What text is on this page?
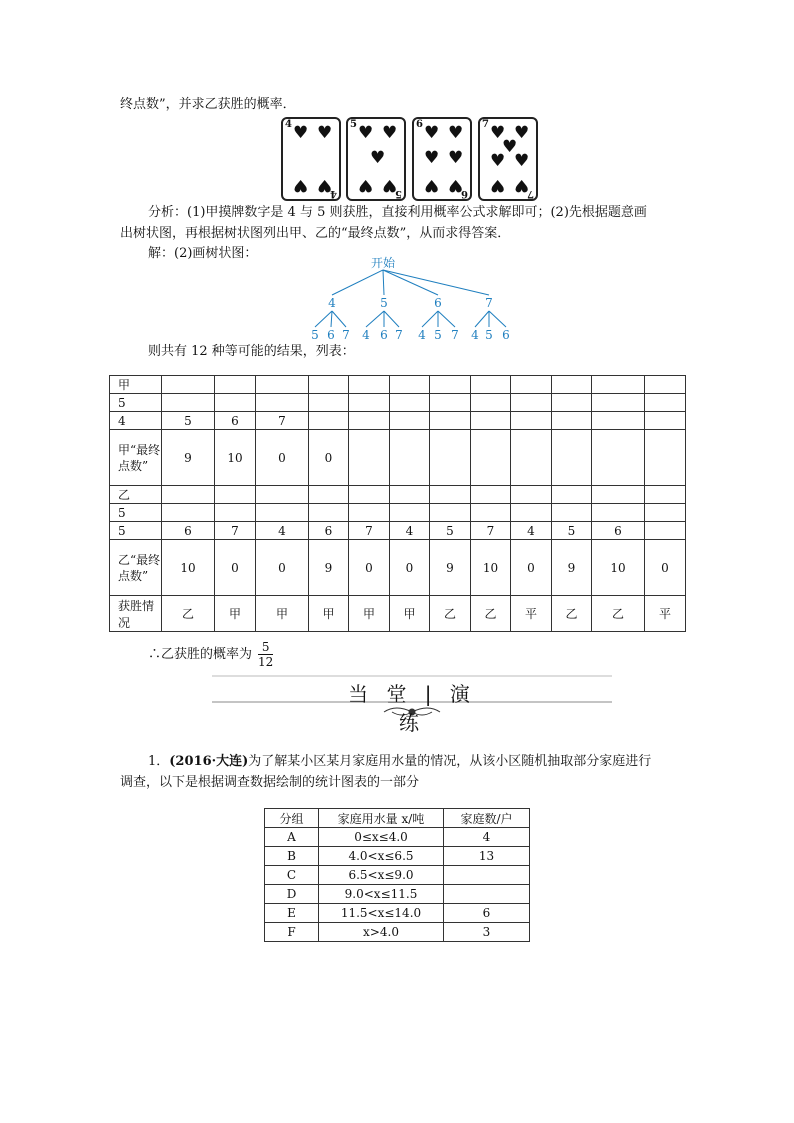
终点数”，并求乙获胜的概率．
4
4
♥ ♥
♥ ♥
5
5
♥ ♥
♥
♥ ♥
6
6
♥ ♥
♥ ♥
♥ ♥
7
7
♥ ♥
♥
♥ ♥
♥ ♥
分析：(1)甲摸牌数字是 4 与 5 则获胜，直接利用概率公式求解即可；(2)先根据题意画
出树状图，再根据树状图列出甲、乙的“最终点数”，从而求得答案．
解：(2)画树状图：
开始
4	5	6	7
5 6 7 4 6 7 4 5 7 4 5 6
则共有 12 种等可能的结果，列表：
甲												
5												
4	5	6	7									
甲“最终点数”	9	10	0	0								
乙												
5												
5	6	7	4	6	7	4	5	7	4	5	6	
乙“最终点数”	10	0	0	9	0	0	9	10	0	9	10	0
获胜情况	乙	甲	甲	甲	甲	甲	乙	乙	平	乙	乙	平
∴乙获胜的概率为 $\frac{5}{12}$
当 堂 | 演 练
1．(2016·大连)为了解某小区某月家庭用水量的情况，从该小区随机抽取部分家庭进行
调查，以下是根据调查数据绘制的统计图表的一部分
分组	家庭用水量 x/吨	家庭数/户
A	0≤x≤4.0	4
B	4.0<x≤6.5	13
C	6.5<x≤9.0	
D	9.0<x≤11.5	
E	11.5<x≤14.0	6
F	x>4.0	3
